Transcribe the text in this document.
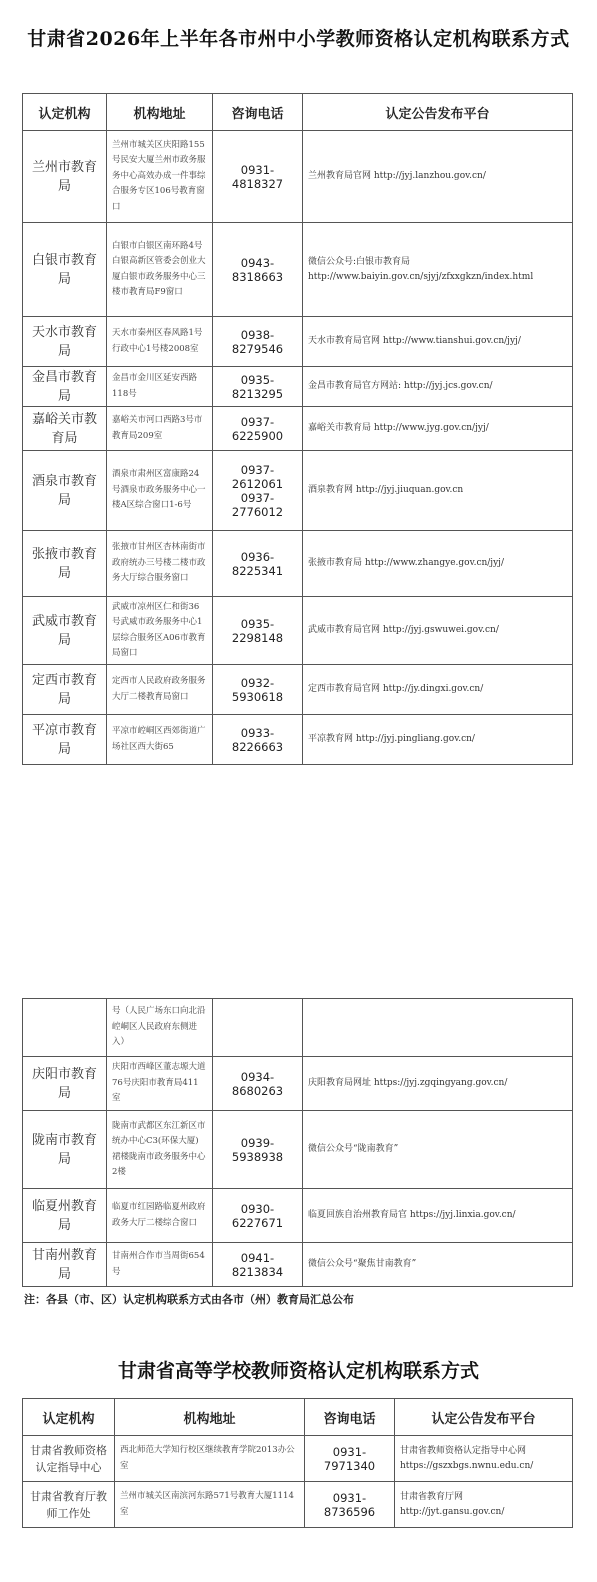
甘肃省2026年上半年各市州中小学教师资格认定机构联系方式
认定机构	机构地址	咨询电话	认定公告发布平台
兰州市教育局	兰州市城关区庆阳路155号民安大厦兰州市政务服务中心高效办成一件事综合服务专区106号教育窗口	0931-4818327	兰州教育局官网 http://jyj.lanzhou.gov.cn/

白银市教育局	白银市白银区南环路4号白银高新区管委会创业大厦白银市政务服务中心三楼市教育局F9窗口	0943-8318663	微信公众号:白银市教育局
http://www.baiyin.gov.cn/sjyj/zfxxgkzn/index.html

天水市教育局	天水市秦州区春风路1号行政中心1号楼2008室	0938-8279546	天水市教育局官网 http://www.tianshui.gov.cn/jyj/

金昌市教育局	金昌市金川区延安西路118号	0935-8213295	金昌市教育局官方网站: http://jyj.jcs.gov.cn/

嘉峪关市教育局	嘉峪关市河口西路3号市教育局209室	0937-6225900	嘉峪关市教育局 http://www.jyg.gov.cn/jyj/

酒泉市教育局	酒泉市肃州区富康路24号酒泉市政务服务中心一楼A区综合窗口1-6号	0937-2612061
0937-2776012	酒泉教育网 http://jyj.jiuquan.gov.cn

张掖市教育局	张掖市甘州区杏林南街市政府统办三号楼二楼市政务大厅综合服务窗口	0936-8225341	张掖市教育局 http://www.zhangye.gov.cn/jyj/

武威市教育局	武威市凉州区仁和街36号武威市政务服务中心1层综合服务区A06市教育局窗口	0935-2298148	武威市教育局官网 http://jyj.gswuwei.gov.cn/

定西市教育局	定西市人民政府政务服务大厅二楼教育局窗口	0932-5930618	定西市教育局官网 http://jy.dingxi.gov.cn/

平凉市教育局	平凉市崆峒区西郊街道广场社区西大街65	0933-8226663	平凉教育网 http://jyj.pingliang.gov.cn/
	号（人民广场东口向北沿崆峒区人民政府东侧进入）		
庆阳市教育局	庆阳市西峰区董志塬大道76号庆阳市教育局411室	0934-8680263	庆阳教育局网址 https://jyj.zgqingyang.gov.cn/

陇南市教育局	陇南市武都区东江新区市统办中心C3(环保大厦)裙楼陇南市政务服务中心2楼	0939-5938938	微信公众号“陇南教育”

临夏州教育局	临夏市红园路临夏州政府政务大厅二楼综合窗口	0930-6227671	临夏回族自治州教育局官 https://jyj.linxia.gov.cn/

甘南州教育局	甘南州合作市当周街654号	0941-8213834	微信公众号“聚焦甘南教育”
注：各县（市、区）认定机构联系方式由各市（州）教育局汇总公布
甘肃省高等学校教师资格认定机构联系方式
认定机构	机构地址	咨询电话	认定公告发布平台
甘肃省教师资格认定指导中心	西北师范大学知行校区继续教育学院2013办公室	0931-7971340	甘肃省教师资格认定指导中心网
https://gszxbgs.nwnu.edu.cn/

甘肃省教育厅教师工作处	兰州市城关区南滨河东路571号教育大厦1114室	0931-8736596	甘肃省教育厅网
http://jyt.gansu.gov.cn/
